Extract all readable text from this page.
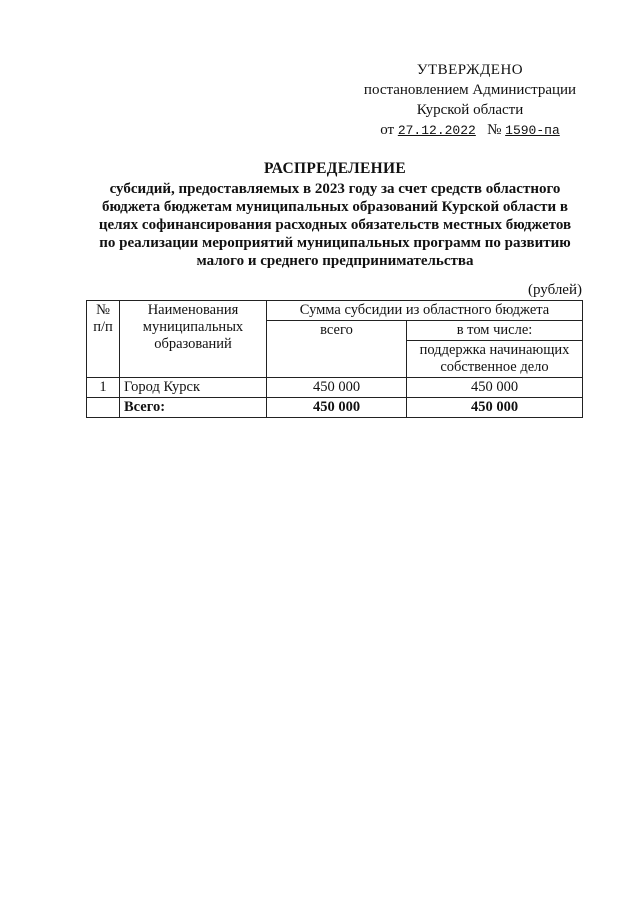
УТВЕРЖДЕНО
постановлением Администрации
Курской области
от 27.12.2022 № 1590-па
РАСПРЕДЕЛЕНИЕ
субсидий, предоставляемых в 2023 году за счет средств областного
бюджета бюджетам муниципальных образований Курской области в
целях софинансирования расходных обязательств местных бюджетов
по реализации мероприятий муниципальных программ по развитию
малого и среднего предпринимательства
(рублей)
№ п/п	Наименования муниципальных образований	Сумма субсидии из областного бюджета	
		всего	в том числе:
			поддержка начинающих собственное дело
1	Город Курск	450 000	450 000
	Всего:	450 000	450 000
